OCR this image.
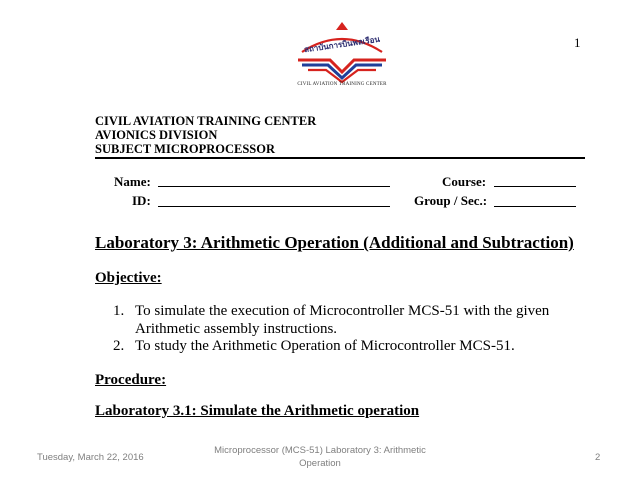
สถาบันการบินพลเรือน
CIVIL AVIATION TRAINING CENTER
1
CIVIL AVIATION TRAINING CENTER
AVIONICS DIVISION
SUBJECT MICROPROCESSOR
Name:
ID:
Course:
Group / Sec.:
Laboratory 3: Arithmetic Operation (Additional and Subtraction)
Objective:
1. To simulate the execution of Microcontroller MCS-51 with the given Arithmetic assembly instructions.
2. To study the Arithmetic Operation of Microcontroller MCS-51.
Procedure:
Laboratory 3.1: Simulate the Arithmetic operation
Tuesday, March 22, 2016
Microprocessor (MCS-51) Laboratory 3: Arithmetic Operation
2
